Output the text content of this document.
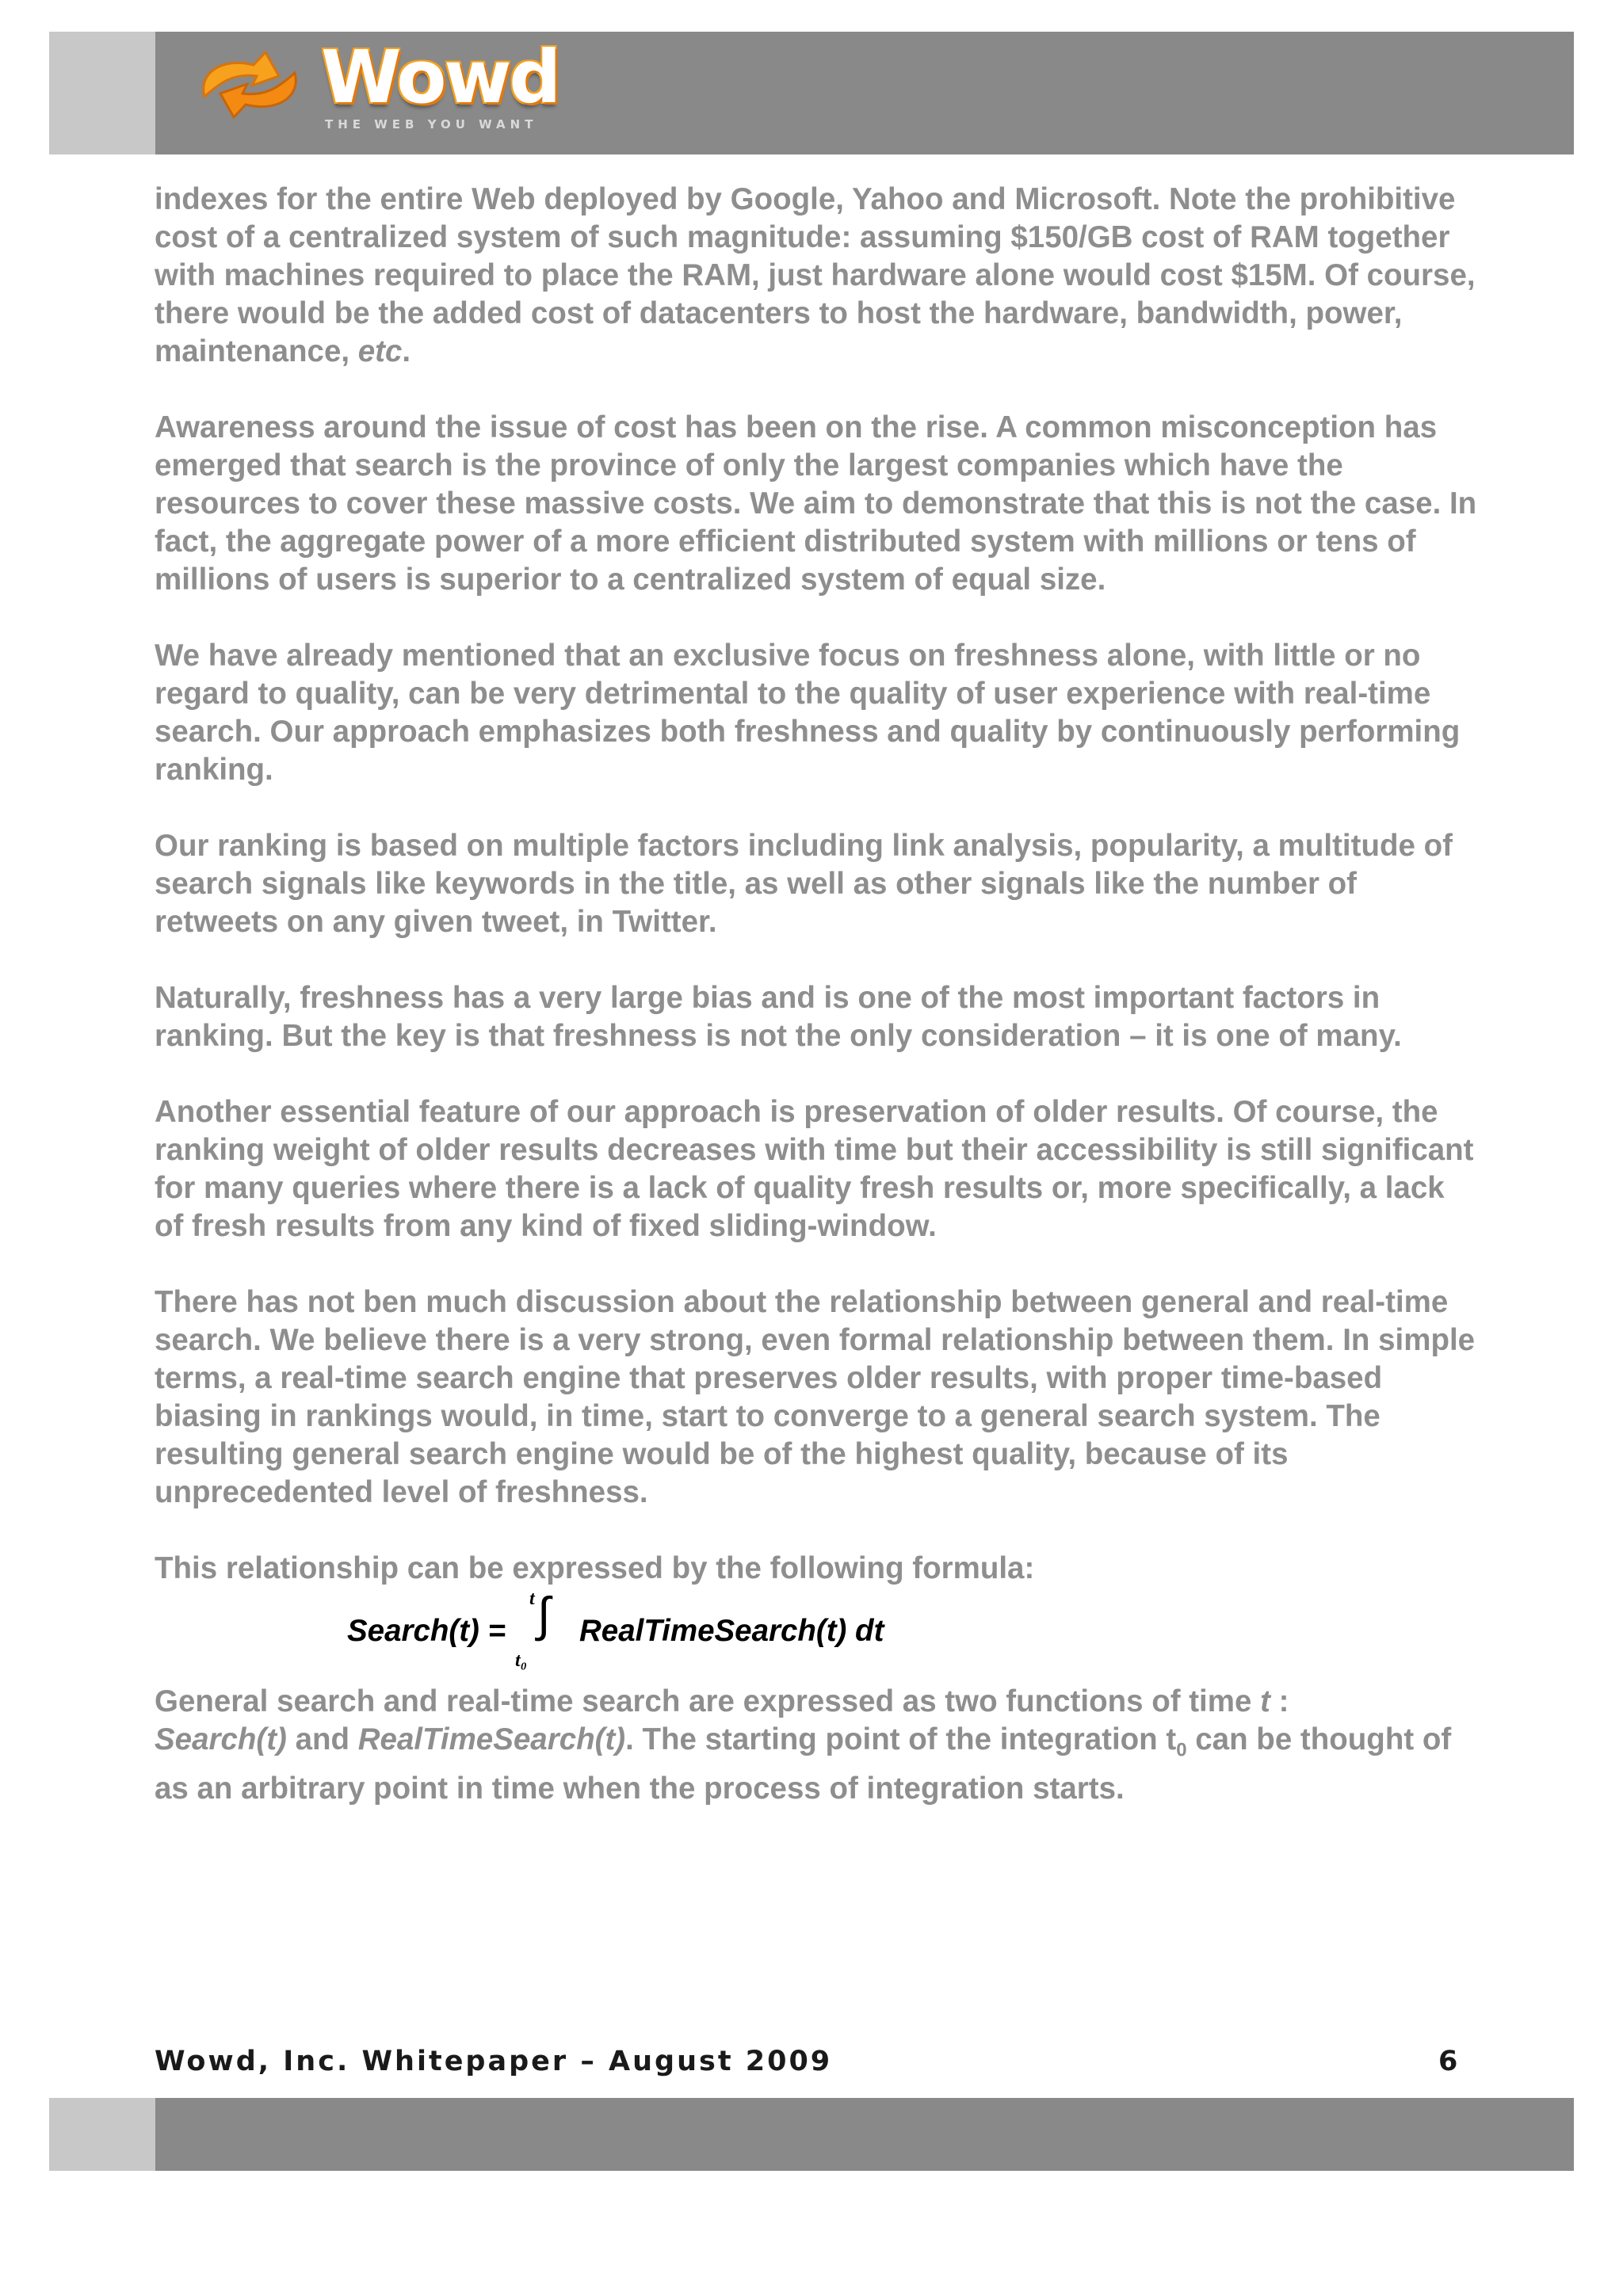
Wowd
THE WEB YOU WANT

indexes for the entire Web deployed by Google, Yahoo and Microsoft. Note the prohibitive cost of a centralized system of such magnitude: assuming $150/GB cost of RAM together with machines required to place the RAM, just hardware alone would cost $15M. Of course, there would be the added cost of datacenters to host the hardware, bandwidth, power, maintenance, etc.

Awareness around the issue of cost has been on the rise. A common misconception has emerged that search is the province of only the largest companies which have the resources to cover these massive costs. We aim to demonstrate that this is not the case. In fact, the aggregate power of a more efficient distributed system with millions or tens of millions of users is superior to a centralized system of equal size.

We have already mentioned that an exclusive focus on freshness alone, with little or no regard to quality, can be very detrimental to the quality of user experience with real-time search. Our approach emphasizes both freshness and quality by continuously performing ranking.

Our ranking is based on multiple factors including link analysis, popularity, a multitude of search signals like keywords in the title, as well as other signals like the number of retweets on any given tweet, in Twitter.

Naturally, freshness has a very large bias and is one of the most important factors in ranking. But the key is that freshness is not the only consideration – it is one of many.

Another essential feature of our approach is preservation of older results. Of course, the ranking weight of older results decreases with time but their accessibility is still significant for many queries where there is a lack of quality fresh results or, more specifically, a lack of fresh results from any kind of fixed sliding-window.

There has not ben much discussion about the relationship between general and real-time search. We believe there is a very strong, even formal relationship between them. In simple terms, a real-time search engine that preserves older results, with proper time-based biasing in rankings would, in time, start to converge to a general search system. The resulting general search engine would be of the highest quality, because of its unprecedented level of freshness.

This relationship can be expressed by the following formula:

Search(t) =
t ∫
t₀
RealTimeSearch(t) dt

General search and real-time search are expressed as two functions of time t :
Search(t) and RealTimeSearch(t). The starting point of the integration $t_0$ can be thought of as an arbitrary point in time when the process of integration starts.

Wowd, Inc. Whitepaper – August 2009	6
